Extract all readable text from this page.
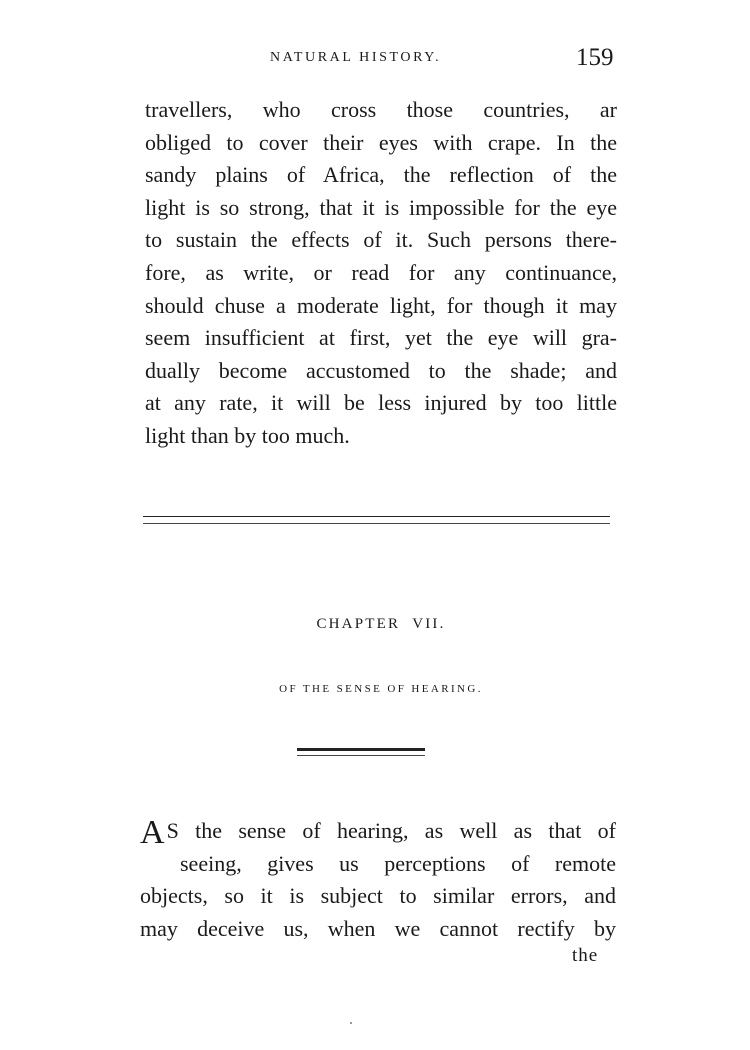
NATURAL HISTORY.	159
travellers, who cross those countries, ar
obliged to cover their eyes with crape. In the
sandy plains of Africa, the reflection of the
light is so strong, that it is impossible for the eye
to sustain the effects of it. Such persons there-
fore, as write, or read for any continuance,
should chuse a moderate light, for though it may
seem insufficient at first, yet the eye will gra-
dually become accustomed to the shade; and
at any rate, it will be less injured by too little
light than by too much.
CHAPTER VII.
OF THE SENSE OF HEARING.
A S the sense of hearing, as well as that of
seeing, gives us perceptions of remote
objects, so it is subject to similar errors, and
may deceive us, when we cannot rectify by
the
